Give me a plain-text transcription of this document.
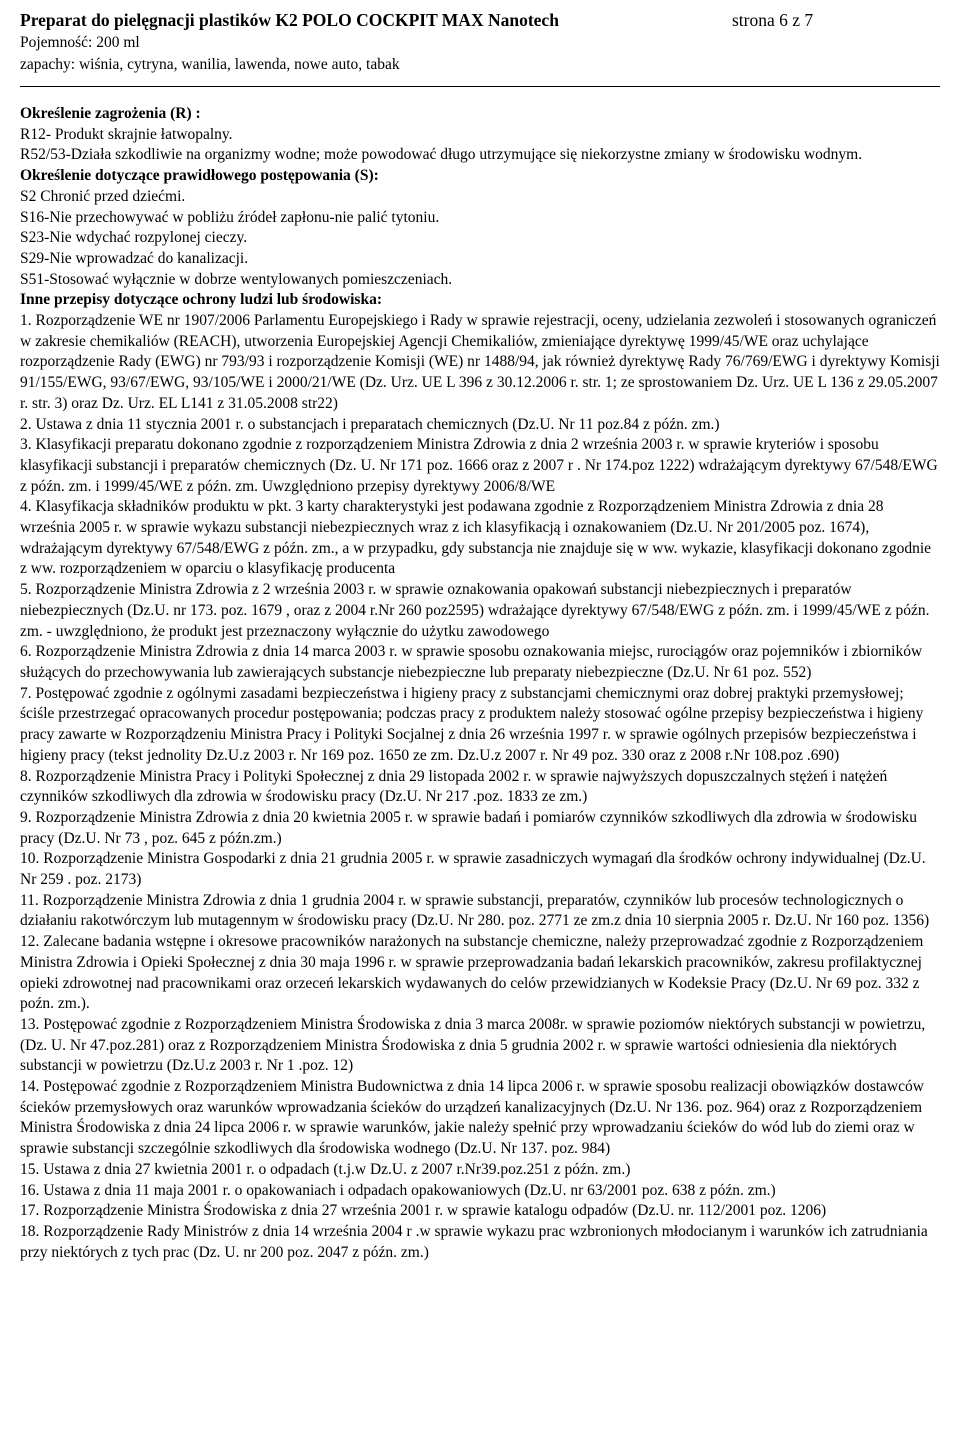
Preparat do pielęgnacji plastików K2 POLO COCKPIT MAX Nanotech	strona 6 z 7
Pojemność: 200 ml
zapachy: wiśnia, cytryna, wanilia, lawenda, nowe auto, tabak

Określenie zagrożenia (R) :

R12- Produkt skrajnie łatwopalny.

R52/53-Działa szkodliwie na organizmy wodne; może powodować długo utrzymujące się niekorzystne zmiany w środowisku wodnym.

Określenie dotyczące prawidłowego postępowania (S):

S2 Chronić przed dziećmi.

S16-Nie przechowywać w pobliżu źródeł zapłonu-nie palić tytoniu.

S23-Nie wdychać rozpylonej cieczy.

S29-Nie wprowadzać do kanalizacji.

S51-Stosować wyłącznie w dobrze wentylowanych pomieszczeniach.

Inne przepisy dotyczące ochrony ludzi lub środowiska:

1. Rozporządzenie WE nr 1907/2006 Parlamentu Europejskiego i Rady w sprawie rejestracji, oceny, udzielania zezwoleń i stosowanych ograniczeń w zakresie chemikaliów (REACH), utworzenia Europejskiej Agencji Chemikaliów, zmieniające dyrektywę 1999/45/WE oraz uchylające rozporządzenie Rady (EWG) nr 793/93 i rozporządzenie Komisji (WE) nr 1488/94, jak również dyrektywę Rady 76/769/EWG i dyrektywy Komisji 91/155/EWG, 93/67/EWG, 93/105/WE i 2000/21/WE (Dz. Urz. UE L 396 z 30.12.2006 r. str. 1; ze sprostowaniem Dz. Urz. UE L 136 z 29.05.2007 r. str. 3) oraz Dz. Urz. EL L141 z 31.05.2008 str22)

2. Ustawa z dnia 11 stycznia 2001 r. o substancjach i preparatach chemicznych (Dz.U. Nr 11 poz.84 z późn. zm.)

3. Klasyfikacji preparatu dokonano zgodnie z rozporządzeniem Ministra Zdrowia z dnia 2 września 2003 r. w sprawie kryteriów i sposobu klasyfikacji substancji i preparatów chemicznych (Dz. U. Nr 171 poz. 1666 oraz z 2007 r . Nr 174.poz 1222) wdrażającym dyrektywy 67/548/EWG z późn. zm. i 1999/45/WE z późn. zm. Uwzględniono przepisy dyrektywy 2006/8/WE

4. Klasyfikacja składników produktu w pkt. 3 karty charakterystyki jest podawana zgodnie z Rozporządzeniem Ministra Zdrowia z dnia 28 września 2005 r. w sprawie wykazu substancji niebezpiecznych wraz z ich klasyfikacją i oznakowaniem (Dz.U. Nr 201/2005 poz. 1674), wdrażającym dyrektywy 67/548/EWG z późn. zm., a w przypadku, gdy substancja nie znajduje się w ww. wykazie, klasyfikacji dokonano zgodnie z ww. rozporządzeniem w oparciu o klasyfikację producenta

5. Rozporządzenie Ministra Zdrowia z 2 września 2003 r. w sprawie oznakowania opakowań substancji niebezpiecznych i preparatów niebezpiecznych (Dz.U. nr 173. poz. 1679 , oraz z 2004 r.Nr 260 poz2595) wdrażające dyrektywy 67/548/EWG z późn. zm. i 1999/45/WE z późn. zm. - uwzględniono, że produkt jest przeznaczony wyłącznie do użytku zawodowego

6. Rozporządzenie Ministra Zdrowia z dnia 14 marca 2003 r. w sprawie sposobu oznakowania miejsc, rurociągów oraz pojemników i zbiorników służących do przechowywania lub zawierających substancje niebezpieczne lub preparaty niebezpieczne (Dz.U. Nr 61 poz. 552)

7. Postępować zgodnie z ogólnymi zasadami bezpieczeństwa i higieny pracy z substancjami chemicznymi oraz dobrej praktyki przemysłowej; ściśle przestrzegać opracowanych procedur postępowania; podczas pracy z produktem należy stosować ogólne przepisy bezpieczeństwa i higieny pracy zawarte w Rozporządzeniu Ministra Pracy i Polityki Socjalnej z dnia 26 września 1997 r. w sprawie ogólnych przepisów bezpieczeństwa i higieny pracy (tekst jednolity Dz.U.z 2003 r. Nr 169 poz. 1650 ze zm. Dz.U.z 2007 r. Nr 49 poz. 330 oraz z 2008 r.Nr 108.poz .690)

8. Rozporządzenie Ministra Pracy i Polityki Społecznej z dnia 29 listopada 2002 r. w sprawie najwyższych dopuszczalnych stężeń i natężeń czynników szkodliwych dla zdrowia w środowisku pracy (Dz.U. Nr 217 .poz. 1833 ze zm.)

9. Rozporządzenie Ministra Zdrowia z dnia 20 kwietnia 2005 r. w sprawie badań i pomiarów czynników szkodliwych dla zdrowia w środowisku pracy (Dz.U. Nr 73 , poz. 645 z późn.zm.)

10. Rozporządzenie Ministra Gospodarki z dnia 21 grudnia 2005 r. w sprawie zasadniczych wymagań dla środków ochrony indywidualnej (Dz.U. Nr 259 . poz. 2173)

11. Rozporządzenie Ministra Zdrowia z dnia 1 grudnia 2004 r. w sprawie substancji, preparatów, czynników lub procesów technologicznych o działaniu rakotwórczym lub mutagennym w środowisku pracy (Dz.U. Nr 280. poz. 2771 ze zm.z dnia 10 sierpnia 2005 r. Dz.U. Nr 160 poz. 1356)

12. Zalecane badania wstępne i okresowe pracowników narażonych na substancje chemiczne, należy przeprowadzać zgodnie z Rozporządzeniem Ministra Zdrowia i Opieki Społecznej z dnia 30 maja 1996 r. w sprawie przeprowadzania badań lekarskich pracowników, zakresu profilaktycznej opieki zdrowotnej nad pracownikami oraz orzeceń lekarskich wydawanych do celów przewidzianych w Kodeksie Pracy (Dz.U. Nr 69 poz. 332 z poźn. zm.).

13. Postępować zgodnie z Rozporządzeniem Ministra Środowiska z dnia 3 marca 2008r. w sprawie poziomów niektórych substancji w powietrzu, (Dz. U. Nr 47.poz.281) oraz z Rozporządzeniem Ministra Środowiska z dnia 5 grudnia 2002 r. w sprawie wartości odniesienia dla niektórych substancji w powietrzu (Dz.U.z 2003 r. Nr 1 .poz. 12)

14. Postępować zgodnie z Rozporządzeniem Ministra Budownictwa z dnia 14 lipca 2006 r. w sprawie sposobu realizacji obowiązków dostawców ścieków przemysłowych oraz warunków wprowadzania ścieków do urządzeń kanalizacyjnych (Dz.U. Nr 136. poz. 964) oraz z Rozporządzeniem Ministra Środowiska z dnia 24 lipca 2006 r. w sprawie warunków, jakie należy spełnić przy wprowadzaniu ścieków do wód lub do ziemi oraz w sprawie substancji szczególnie szkodliwych dla środowiska wodnego (Dz.U. Nr 137. poz. 984)

15. Ustawa z dnia 27 kwietnia 2001 r. o odpadach (t.j.w Dz.U. z 2007 r.Nr39.poz.251 z późn. zm.)

16. Ustawa z dnia 11 maja 2001 r. o opakowaniach i odpadach opakowaniowych (Dz.U. nr 63/2001 poz. 638 z późn. zm.)

17. Rozporządzenie Ministra Środowiska z dnia 27 września 2001 r. w sprawie katalogu odpadów (Dz.U. nr. 112/2001 poz. 1206)

18. Rozporządzenie Rady Ministrów z dnia 14 września 2004 r .w sprawie wykazu prac wzbronionych młodocianym i warunków ich zatrudniania przy niektórych z tych prac (Dz. U. nr 200 poz. 2047 z późn. zm.)
